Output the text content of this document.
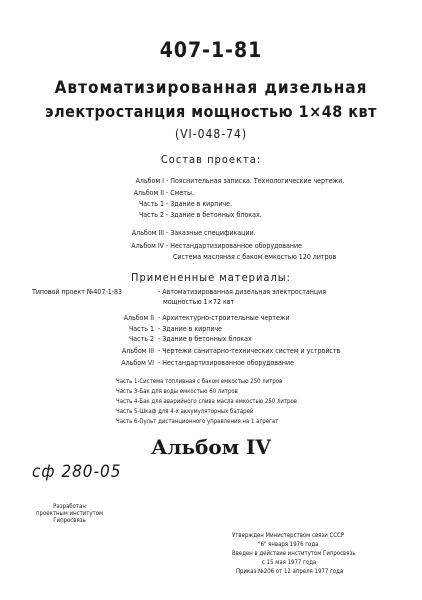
407-1-81
Автоматизированная дизельная
электростанция мощностью 1×48 квт
(VI-048-74)
Состав проекта:
Альбом I - Пояснительная записка. Технологические чертежи.
Альбом II - Сметы.
Часть 1 - Здание в кирпиче.
Часть 2 - Здание в бетонных блоках.
Альбом III - Заказные спецификации.
Альбом IV - Нестандартизированное оборудование
Система масляная с баком емкостью 120 литров
Примененные материалы:
Типовой проект №407-1-83	- Автоматизированная дизельная электростанция
мощностью 1×72 квт
Альбом II - Архитектурно-строительные чертежи
Часть 1 - Здание в кирпиче
Часть 2 - Здание в бетонных блоках
Альбом III - Чертежи санитарно-технических систем и устройств
Альбом VI - Нестандартизированное оборудование
Часть 1-Система топливная с баком емкостью 250 литров
Часть 3-Бак для воды емкостью 60 литров
Часть 4-Бак для аварийного слива масла емкостью 250 литров
Часть 5-Шкаф для 4-х аккумуляторных батарей
Часть 6-Пульт дистанционного управления на 1 агрегат
Альбом IV
сф 280-05
Разработан
проектным институтом
Гипросвязь
Утвержден Министерством связи СССР
"6" января 1976 года
Введен в действие институтом Гипросвязь
с 15 мая 1977 года
Приказ №206 от 12 апреля 1977 года
